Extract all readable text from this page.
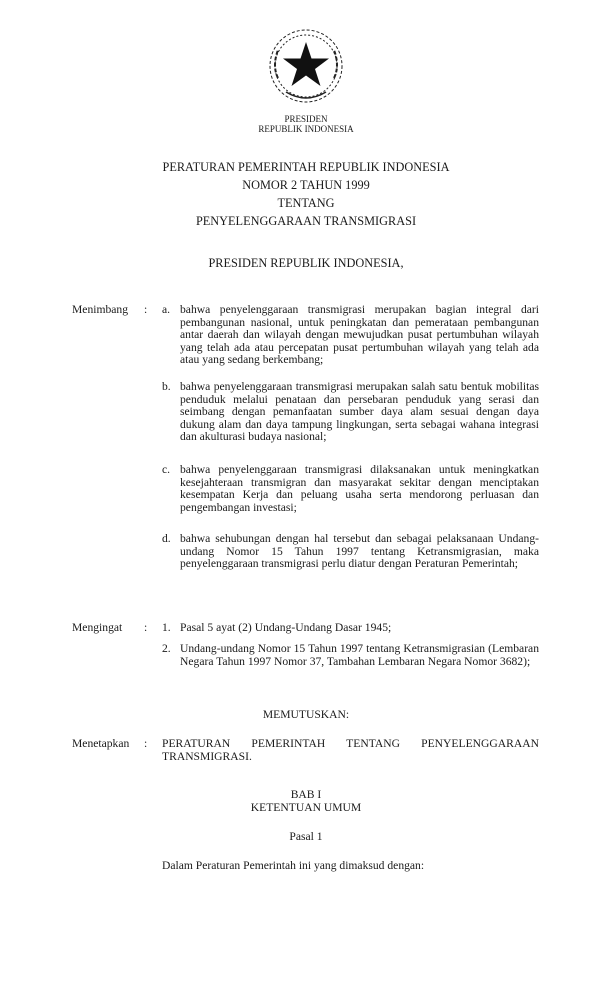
PRESIDEN
REPUBLIK INDONESIA
PERATURAN PEMERINTAH REPUBLIK INDONESIA
NOMOR 2 TAHUN 1999
TENTANG
PENYELENGGARAAN TRANSMIGRASI
PRESIDEN REPUBLIK INDONESIA,
Menimbang : a. bahwa penyelenggaraan transmigrasi merupakan bagian integral dari pembangunan nasional, untuk peningkatan dan pemerataan pembangunan antar daerah dan wilayah dengan mewujudkan pusat pertumbuhan wilayah yang telah ada atau percepatan pusat pertumbuhan wilayah yang telah ada atau yang sedang berkembang;
b. bahwa penyelenggaraan transmigrasi merupakan salah satu bentuk mobilitas penduduk melalui penataan dan persebaran penduduk yang serasi dan seimbang dengan pemanfaatan sumber daya alam sesuai dengan daya dukung alam dan daya tampung lingkungan, serta sebagai wahana integrasi dan akulturasi budaya nasional;
c. bahwa penyelenggaraan transmigrasi dilaksanakan untuk meningkatkan kesejahteraan transmigran dan masyarakat sekitar dengan menciptakan kesempatan Kerja dan peluang usaha serta mendorong perluasan dan pengembangan investasi;
d. bahwa sehubungan dengan hal tersebut dan sebagai pelaksanaan Undang-undang Nomor 15 Tahun 1997 tentang Ketransmigrasian, maka penyelenggaraan transmigrasi perlu diatur dengan Peraturan Pemerintah;
Mengingat : 1. Pasal 5 ayat (2) Undang-Undang Dasar 1945;
2. Undang-undang Nomor 15 Tahun 1997 tentang Ketransmigrasian (Lembaran Negara Tahun 1997 Nomor 37, Tambahan Lembaran Negara Nomor 3682);
MEMUTUSKAN:
Menetapkan : PERATURAN PEMERINTAH TENTANG PENYELENGGARAAN TRANSMIGRASI.
BAB I
KETENTUAN UMUM
Pasal 1
Dalam Peraturan Pemerintah ini yang dimaksud dengan:
